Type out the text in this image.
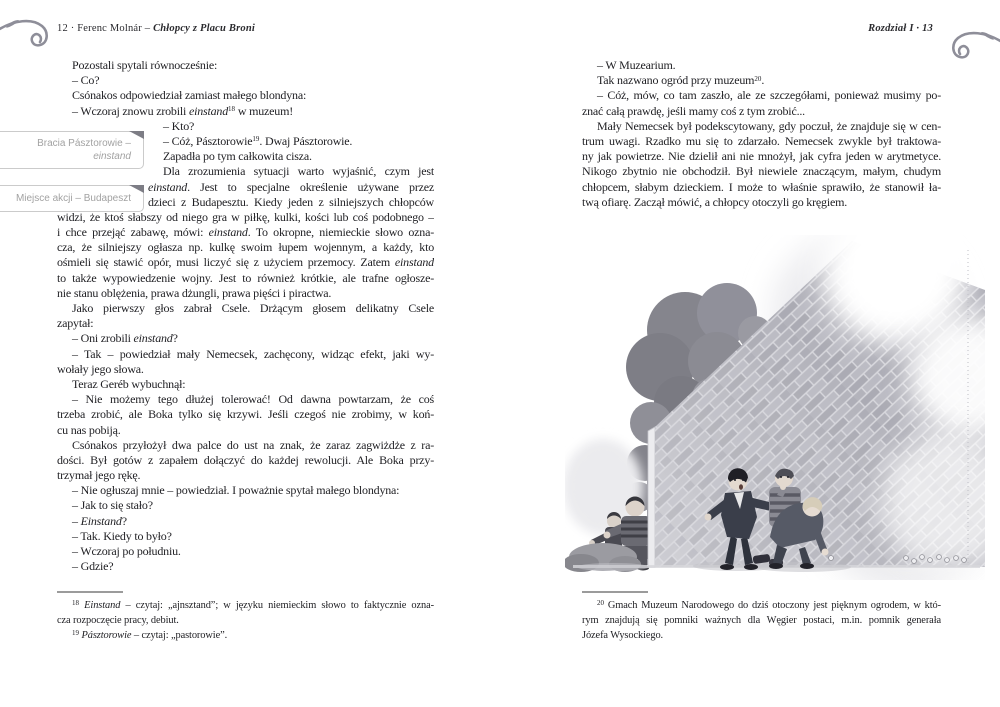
12 · Ferenc Molnár – Chłopcy z Placu Broni	Rozdział I · 13
Bracia Pásztorowie –
einstand
Miejsce akcji – Budapeszt
Pozostali spytali równocześnie:
– Co?
Csónakos odpowiedział zamiast małego blondyna:
– Wczoraj znowu zrobili einstand$^{18}$ w muzeum!
– Kto?
– Cóż, Pásztorowie$^{19}$. Dwaj Pásztorowie.
Zapadła po tym całkowita cisza.
Dla zrozumienia sytuacji warto wyjaśnić, czym jest
einstand. Jest to specjalne określenie używane przez
dzieci z Budapesztu. Kiedy jeden z silniejszych chłopców
widzi, że ktoś słabszy od niego gra w piłkę, kulki, kości lub coś podobnego –
i chce przejąć zabawę, mówi: einstand. To okropne, niemieckie słowo ozna-
cza, że silniejszy ogłasza np. kulkę swoim łupem wojennym, a każdy, kto
ośmieli się stawić opór, musi liczyć się z użyciem przemocy. Zatem einstand
to także wypowiedzenie wojny. Jest to również krótkie, ale trafne ogłosze-
nie stanu oblężenia, prawa dżungli, prawa pięści i piractwa.
Jako pierwszy głos zabrał Csele. Drżącym głosem delikatny Csele
zapytał:
– Oni zrobili einstand?
– Tak – powiedział mały Nemecsek, zachęcony, widząc efekt, jaki wy-
wołały jego słowa.
Teraz Geréb wybuchnął:
– Nie możemy tego dłużej tolerować! Od dawna powtarzam, że coś
trzeba zrobić, ale Boka tylko się krzywi. Jeśli czegoś nie zrobimy, w koń-
cu nas pobiją.
Csónakos przyłożył dwa palce do ust na znak, że zaraz zagwiżdże z ra-
dości. Był gotów z zapałem dołączyć do każdej rewolucji. Ale Boka przy-
trzymał jego rękę.
– Nie ogłuszaj mnie – powiedział. I poważnie spytał małego blondyna:
– Jak to się stało?
– Einstand?
– Tak. Kiedy to było?
– Wczoraj po południu.
– Gdzie?
– W Muzearium.
Tak nazwano ogród przy muzeum$^{20}$.
– Cóż, mów, co tam zaszło, ale ze szczegółami, ponieważ musimy po-
znać całą prawdę, jeśli mamy coś z tym zrobić...
Mały Nemecsek był podekscytowany, gdy poczuł, że znajduje się w cen-
trum uwagi. Rzadko mu się to zdarzało. Nemecsek zwykle był traktowa-
ny jak powietrze. Nie dzielił ani nie mnożył, jak cyfra jeden w arytmetyce.
Nikogo zbytnio nie obchodził. Był niewiele znaczącym, małym, chudym
chłopcem, słabym dzieckiem. I może to właśnie sprawiło, że stanowił ła-
twą ofiarę. Zaczął mówić, a chłopcy otoczyli go kręgiem.
$^{18}$ Einstand – czytaj: „ajnsztand”; w języku niemieckim słowo to faktycznie ozna-
cza rozpoczęcie pracy, debiut.
$^{19}$ Pásztorowie – czytaj: „pastorowie”.
$^{20}$ Gmach Muzeum Narodowego do dziś otoczony jest pięknym ogrodem, w któ-
rym znajdują się pomniki ważnych dla Węgier postaci, m.in. pomnik generała
Józefa Wysockiego.
